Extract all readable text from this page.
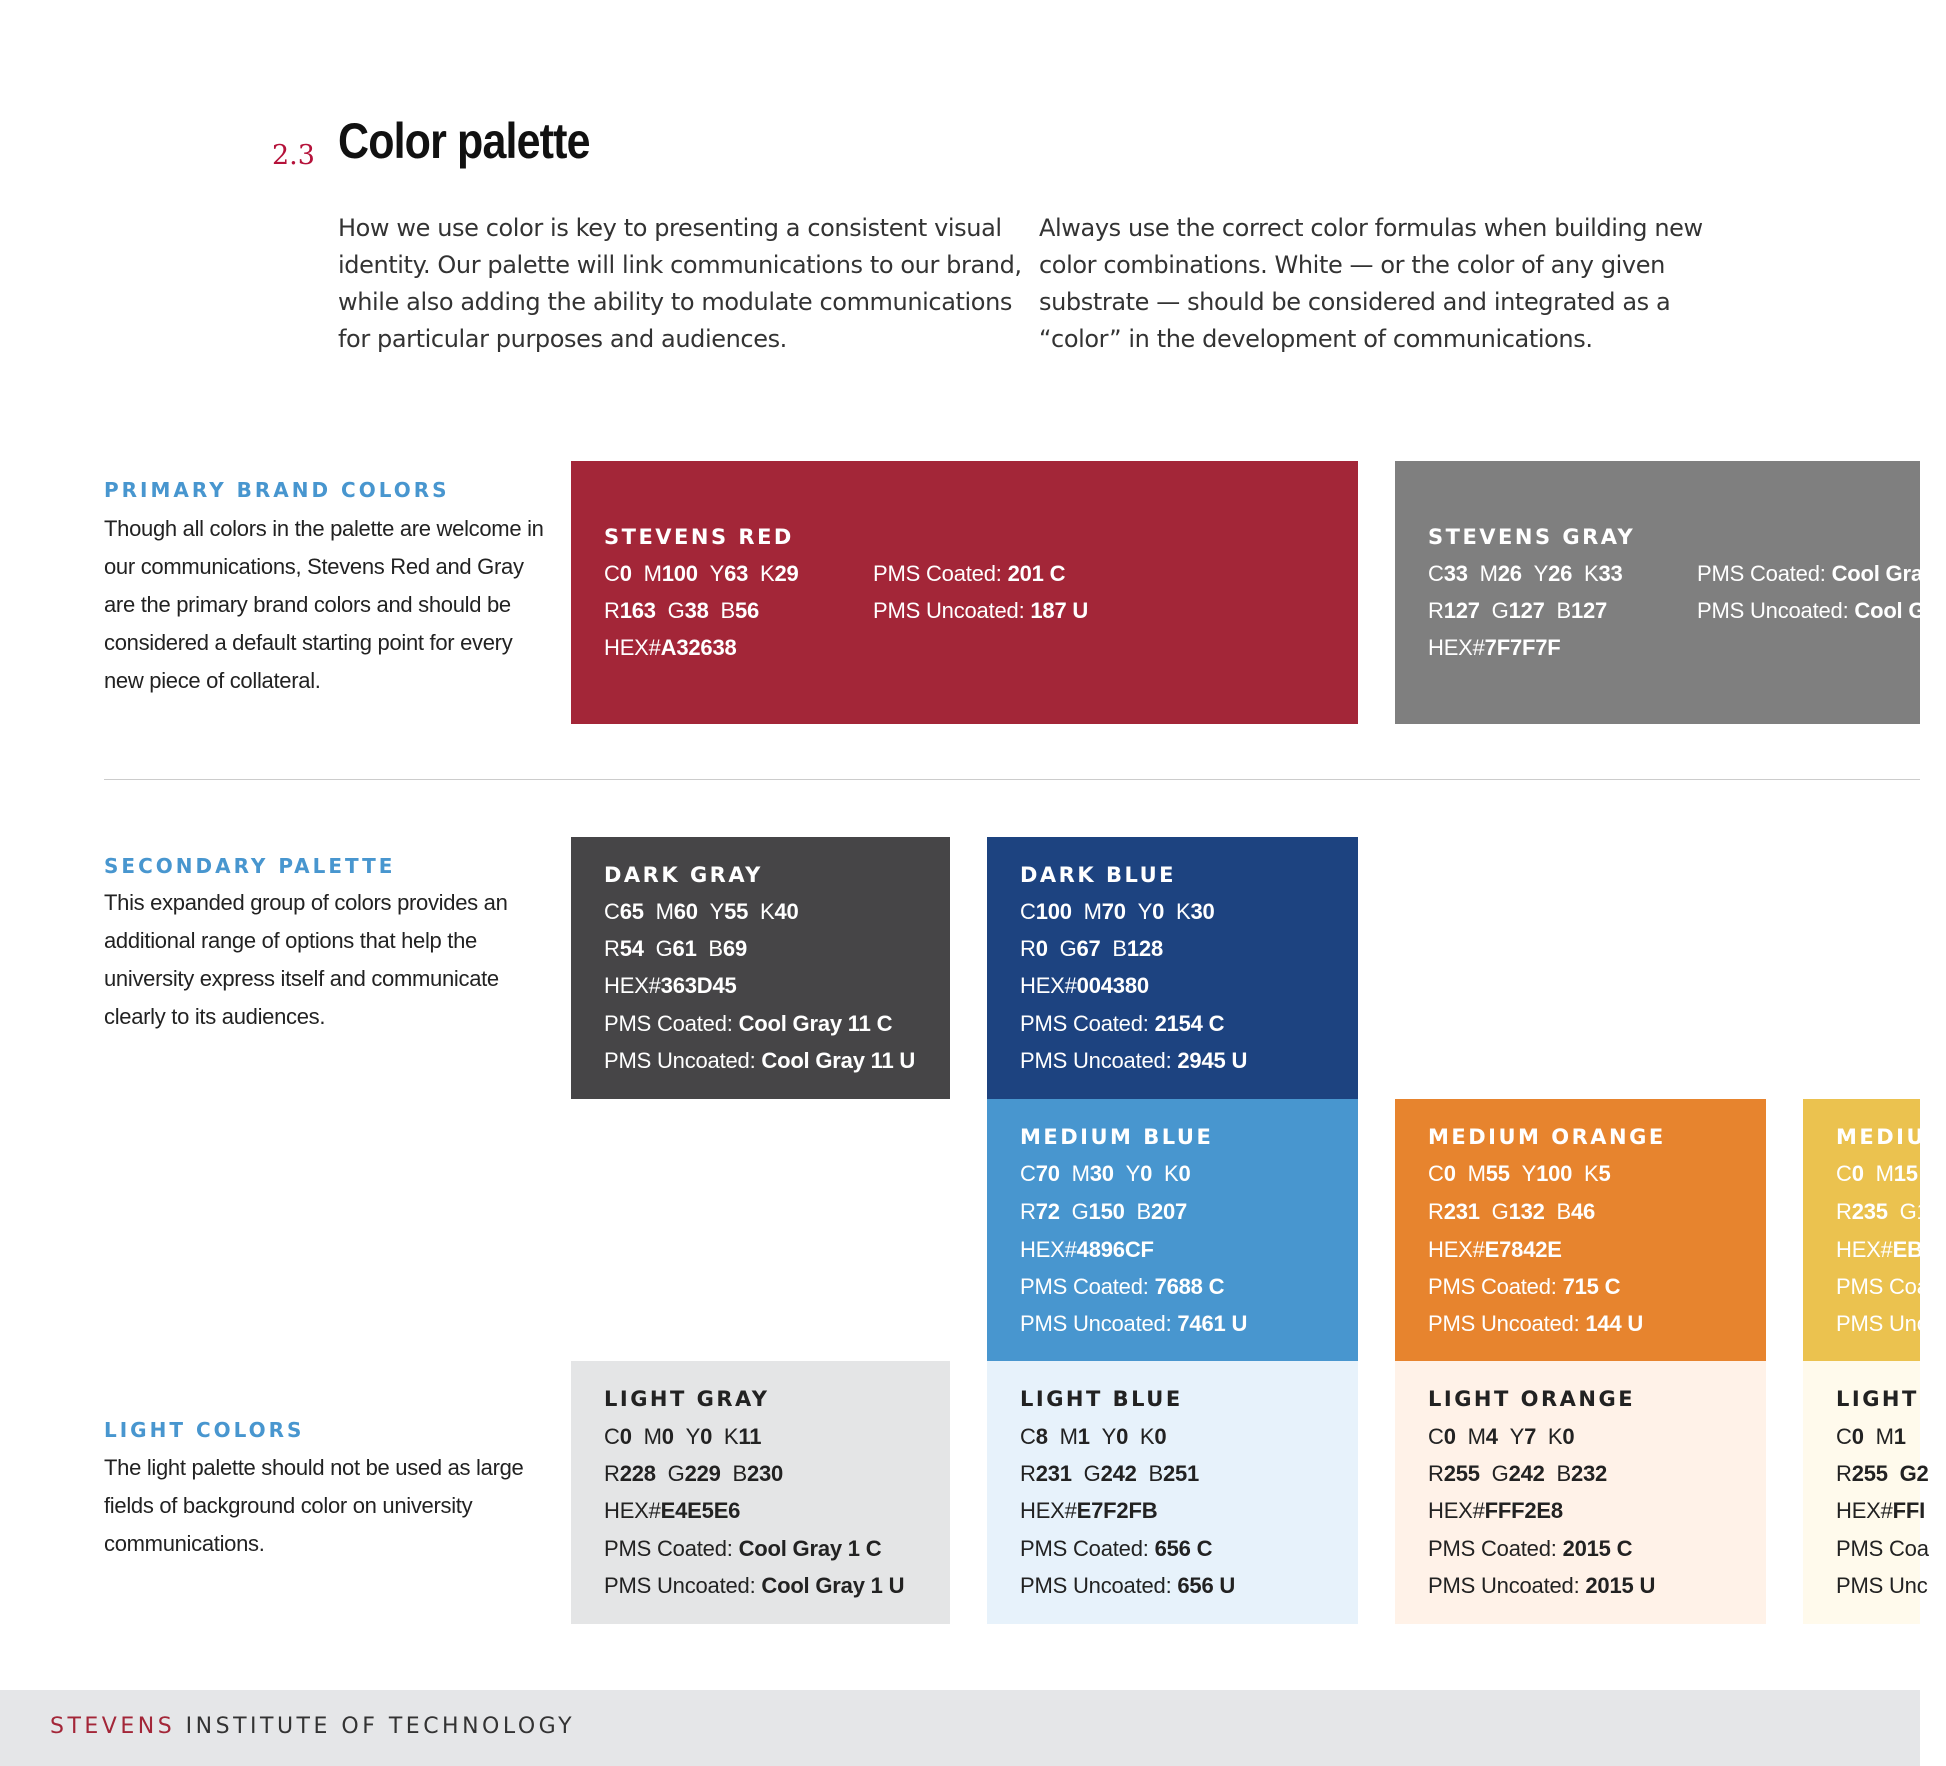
2.3 Color palette
How we use color is key to presenting a consistent visual identity. Our palette will link communications to our brand, while also adding the ability to modulate communications for particular purposes and audiences.
Always use the correct color formulas when building new color combinations. White — or the color of any given substrate — should be considered and integrated as a “color” in the development of communications.
PRIMARY BRAND COLORS
Though all colors in the palette are welcome in our communications, Stevens Red and Gray are the primary brand colors and should be considered a default starting point for every new piece of collateral.
STEVENS RED
C0  M100  Y63  K29
R163  G38  B56
HEX#A32638
PMS Coated: 201 C
PMS Uncoated: 187 U
STEVENS GRAY
C33  M26  Y26  K33
R127  G127  B127
HEX#7F7F7F
PMS Coated: Cool Gray
PMS Uncoated: Cool Gra
SECONDARY PALETTE
This expanded group of colors provides an additional range of options that help the university express itself and communicate clearly to its audiences.
DARK GRAY
C65  M60  Y55  K40
R54  G61  B69
HEX#363D45
PMS Coated: Cool Gray 11 C
PMS Uncoated: Cool Gray 11 U
DARK BLUE
C100  M70  Y0  K30
R0  G67  B128
HEX#004380
PMS Coated: 2154 C
PMS Uncoated: 2945 U
MEDIUM BLUE
C70  M30  Y0  K0
R72  G150  B207
HEX#4896CF
PMS Coated: 7688 C
PMS Uncoated: 7461 U
MEDIUM ORANGE
C0  M55  Y100  K5
R231  G132  B46
HEX#E7842E
PMS Coated: 715 C
PMS Uncoated: 144 U
MEDIU
C0  M15
R235 G1
HEX#EB
PMS Coa
PMS Unc
LIGHT COLORS
The light palette should not be used as large fields of background color on university communications.
LIGHT GRAY
C0  M0  Y0  K11
R228  G229  B230
HEX#E4E5E6
PMS Coated: Cool Gray 1 C
PMS Uncoated: Cool Gray 1 U
LIGHT BLUE
C8  M1  Y0  K0
R231  G242  B251
HEX#E7F2FB
PMS Coated: 656 C
PMS Uncoated: 656 U
LIGHT ORANGE
C0  M4  Y7  K0
R255  G242  B232
HEX#FFF2E8
PMS Coated: 2015 C
PMS Uncoated: 2015 U
LIGHT
C0  M1
R255 G2
HEX#FFI
PMS Coa
PMS Unc
STEVENS INSTITUTE OF TECHNOLOGY
